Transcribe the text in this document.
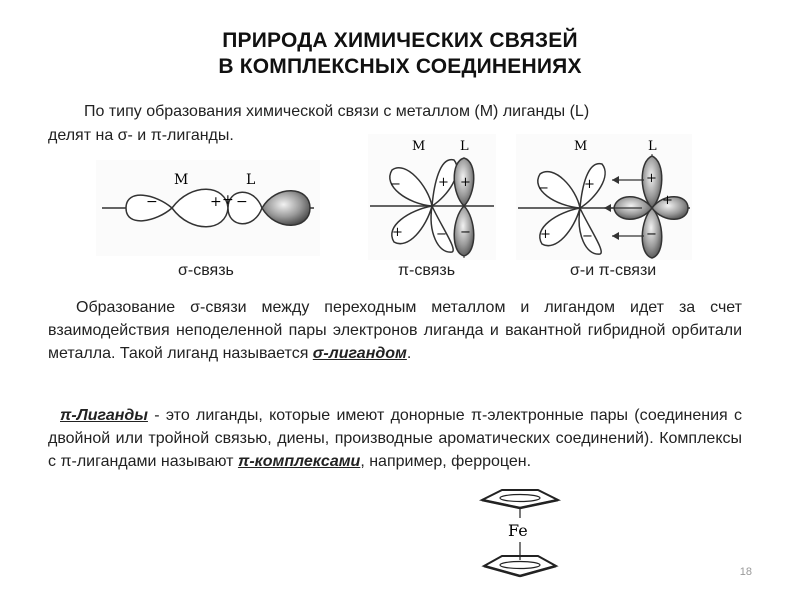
ПРИРОДА ХИМИЧЕСКИХ СВЯЗЕЙ
В КОМПЛЕКСНЫХ СОЕДИНЕНИЯХ
По типу образования химической связи с металлом (М) лиганды (L)
делят на σ- и π-лиганды.
−	+ −
+
M	L
σ-связь
−	+
+	−
+
−
M	L
π-связь
−	+
+ −
+
+
−
M	L
σ-и π-связи
Образование σ-связи между переходным металлом и лигандом идет за счет взаимодействия неподеленной пары электронов лиганда и вакантной гибридной орбитали металла. Такой лиганд называется σ-лигандом.
π-Лиганды - это лиганды, которые имеют донорные π-электронные пары (соединения с двойной или тройной связью, диены, производные ароматических соединений). Комплексы с π-лигандами называют π-комплексами, например, ферроцен.
Fe
18
